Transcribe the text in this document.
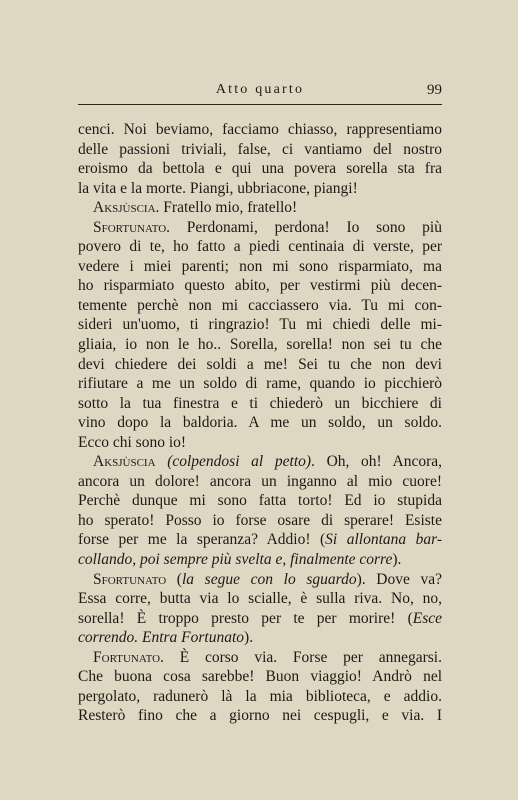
Atto quarto	99
cenci. Noi beviamo, facciamo chiasso, rappresentiamo
delle passioni triviali, false, ci vantiamo del nostro
eroismo da bettola e qui una povera sorella sta fra
la vita e la morte. Piangi, ubbriacone, piangi!
Aksjùscia. Fratello mio, fratello!
Sfortunato. Perdonami, perdona! Io sono più
povero di te, ho fatto a piedi centinaia di verste, per
vedere i miei parenti; non mi sono risparmiato, ma
ho risparmiato questo abito, per vestirmi più decen-
temente perchè non mi cacciassero via. Tu mi con-
sideri un'uomo, ti ringrazio! Tu mi chiedi delle mi-
gliaia, io non le ho.. Sorella, sorella! non sei tu che
devi chiedere dei soldi a me! Sei tu che non devi
rifiutare a me un soldo di rame, quando io picchierò
sotto la tua finestra e ti chiederò un bicchiere di
vino dopo la baldoria. A me un soldo, un soldo.
Ecco chi sono io!
Aksjùscia (colpendosi al petto). Oh, oh! Ancora,
ancora un dolore! ancora un inganno al mio cuore!
Perchè dunque mi sono fatta torto! Ed io stupida
ho sperato! Posso io forse osare di sperare! Esiste
forse per me la speranza? Addio! (Si allontana bar-
collando, poi sempre più svelta e, finalmente corre).
Sfortunato (la segue con lo sguardo). Dove va?
Essa corre, butta via lo scialle, è sulla riva. No, no,
sorella! È troppo presto per te per morire! (Esce
correndo. Entra Fortunato).
Fortunato. È corso via. Forse per annegarsi.
Che buona cosa sarebbe! Buon viaggio! Andrò nel
pergolato, radunerò là la mia biblioteca, e addio.
Resterò fino che a giorno nei cespugli, e via. I
